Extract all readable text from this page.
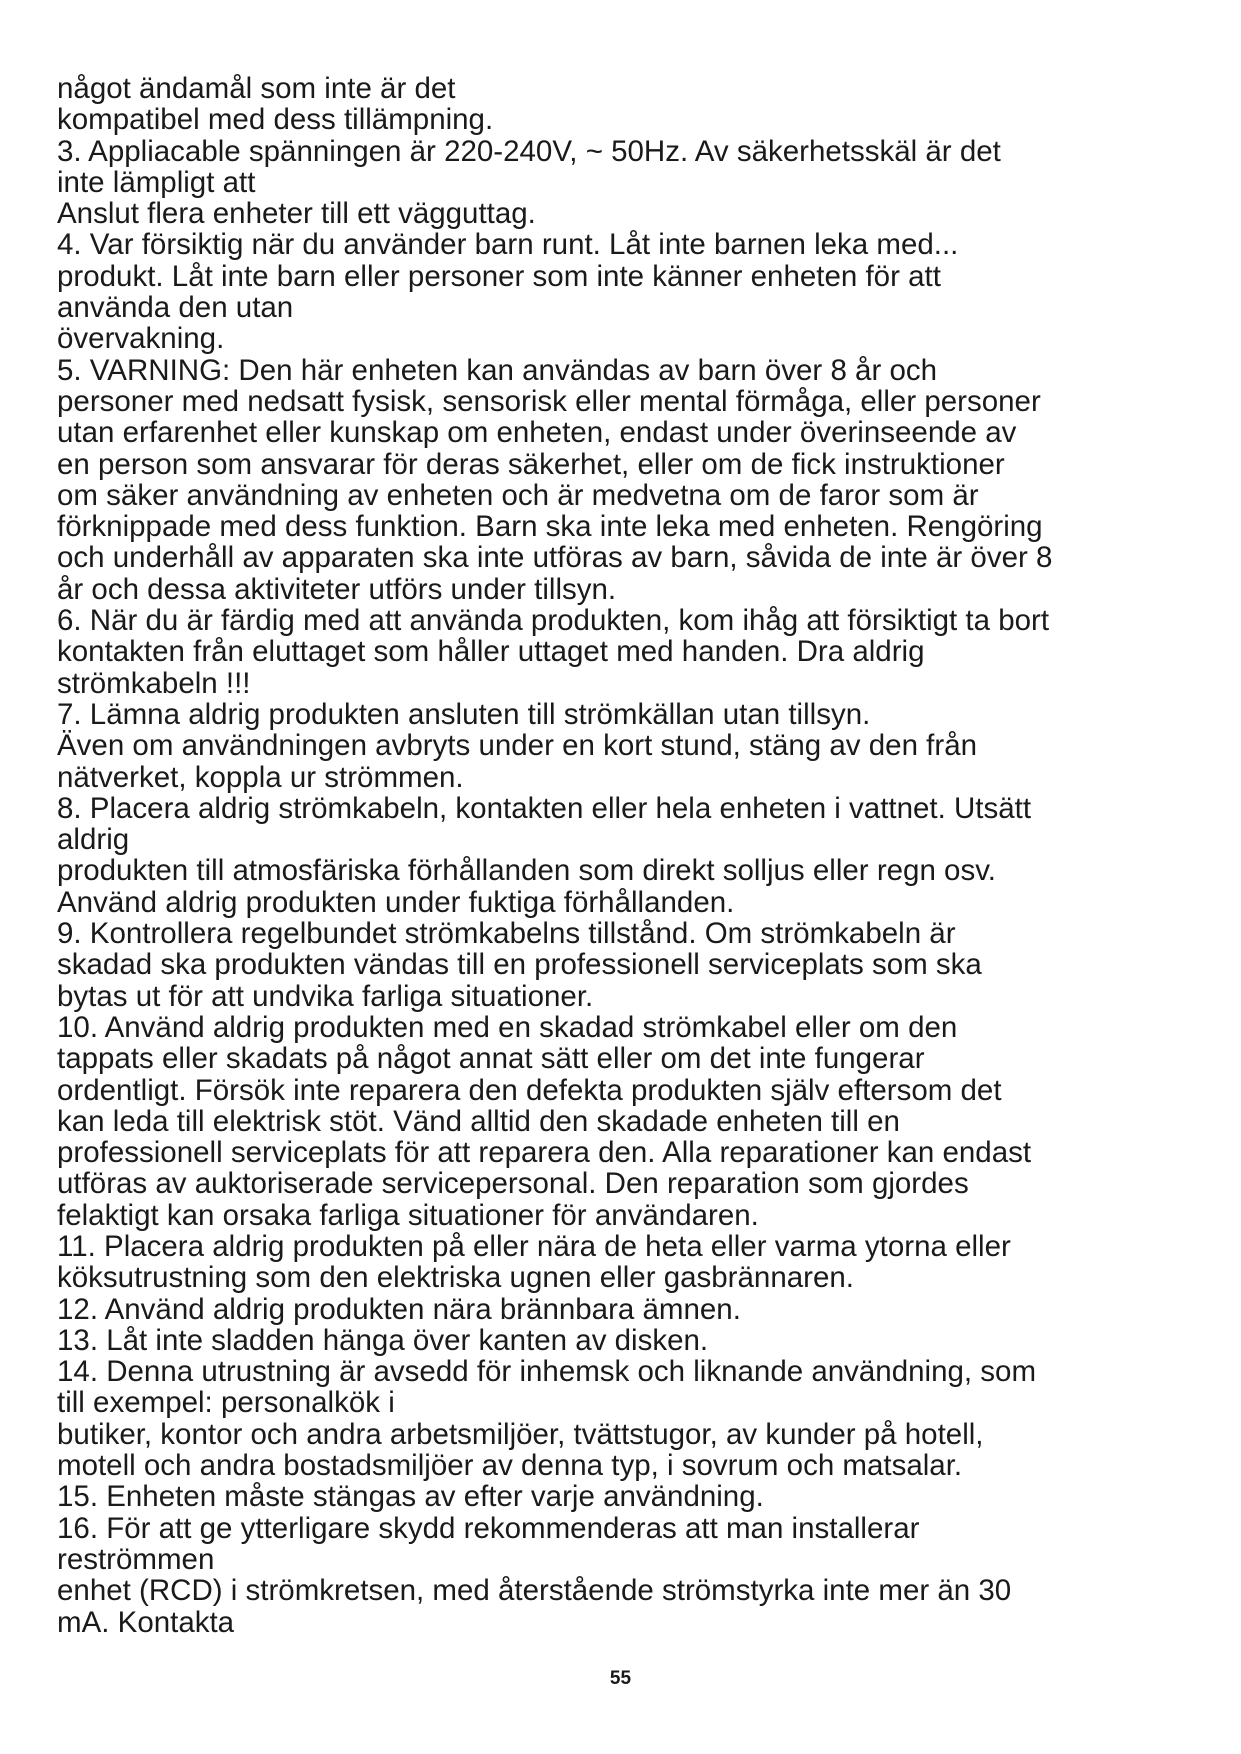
något ändamål som inte är det
kompatibel med dess tillämpning.
3. Appliacable spänningen är 220-240V, ~ 50Hz. Av säkerhetsskäl är det
inte lämpligt att
Anslut flera enheter till ett vägguttag.
4. Var försiktig när du använder barn runt. Låt inte barnen leka med...
produkt. Låt inte barn eller personer som inte känner enheten för att
använda den utan
övervakning.
5. VARNING: Den här enheten kan användas av barn över 8 år och
personer med nedsatt fysisk, sensorisk eller mental förmåga, eller personer
utan erfarenhet eller kunskap om enheten, endast under överinseende av
en person som ansvarar för deras säkerhet, eller om de fick instruktioner
om säker användning av enheten och är medvetna om de faror som är
förknippade med dess funktion. Barn ska inte leka med enheten. Rengöring
och underhåll av apparaten ska inte utföras av barn, såvida de inte är över 8
år och dessa aktiviteter utförs under tillsyn.
6. När du är färdig med att använda produkten, kom ihåg att försiktigt ta bort
kontakten från eluttaget som håller uttaget med handen. Dra aldrig
strömkabeln !!!
7. Lämna aldrig produkten ansluten till strömkällan utan tillsyn.
Även om användningen avbryts under en kort stund, stäng av den från
nätverket, koppla ur strömmen.
8. Placera aldrig strömkabeln, kontakten eller hela enheten i vattnet. Utsätt
aldrig
produkten till atmosfäriska förhållanden som direkt solljus eller regn osv.
Använd aldrig produkten under fuktiga förhållanden.
9. Kontrollera regelbundet strömkabelns tillstånd. Om strömkabeln är
skadad ska produkten vändas till en professionell serviceplats som ska
bytas ut för att undvika farliga situationer.
10. Använd aldrig produkten med en skadad strömkabel eller om den
tappats eller skadats på något annat sätt eller om det inte fungerar
ordentligt. Försök inte reparera den defekta produkten själv eftersom det
kan leda till elektrisk stöt. Vänd alltid den skadade enheten till en
professionell serviceplats för att reparera den. Alla reparationer kan endast
utföras av auktoriserade servicepersonal. Den reparation som gjordes
felaktigt kan orsaka farliga situationer för användaren.
11. Placera aldrig produkten på eller nära de heta eller varma ytorna eller
köksutrustning som den elektriska ugnen eller gasbrännaren.
12. Använd aldrig produkten nära brännbara ämnen.
13. Låt inte sladden hänga över kanten av disken.
14. Denna utrustning är avsedd för inhemsk och liknande användning, som
till exempel: personalkök i
butiker, kontor och andra arbetsmiljöer, tvättstugor, av kunder på hotell,
motell och andra bostadsmiljöer av denna typ, i sovrum och matsalar.
15. Enheten måste stängas av efter varje användning.
16. För att ge ytterligare skydd rekommenderas att man installerar
reströmmen
enhet (RCD) i strömkretsen, med återstående strömstyrka inte mer än 30
mA. Kontakta
55
